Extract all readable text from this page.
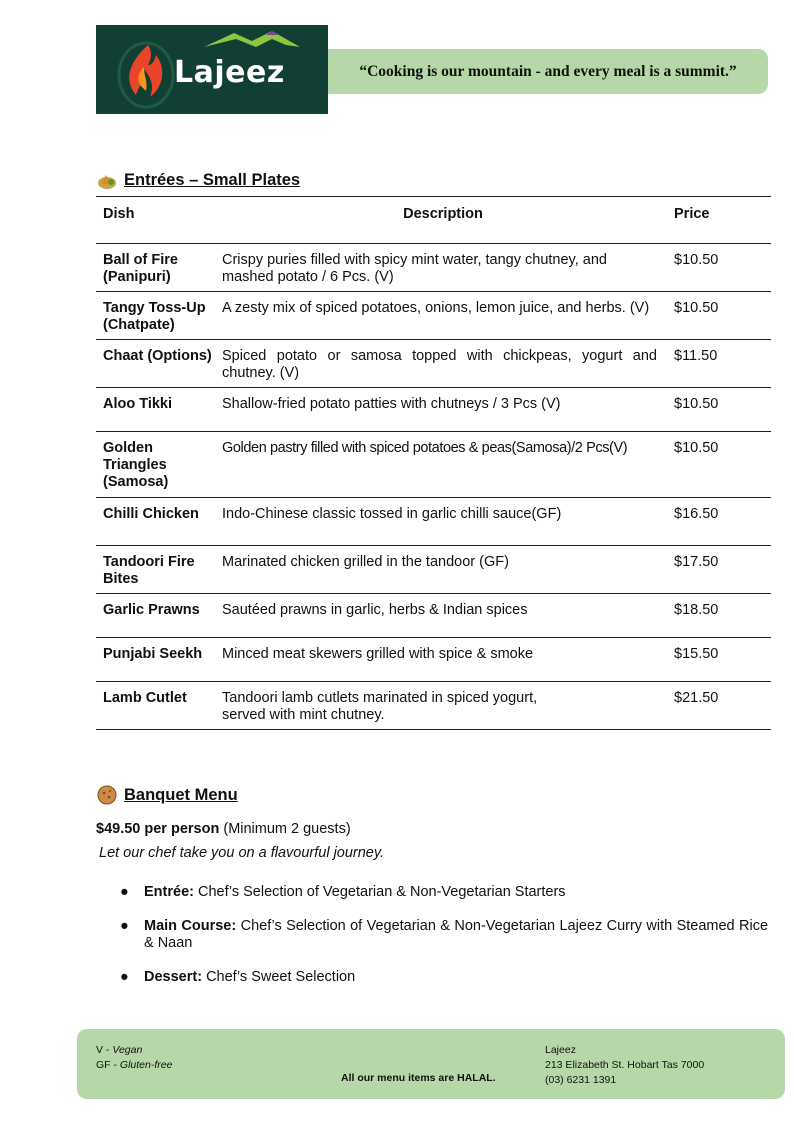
Lajeez	“Cooking is our mountain - and every meal is a summit.”
Entrées – Small Plates
Dish	Description	Price
Ball of Fire (Panipuri)	Crispy puries filled with spicy mint water, tangy chutney, and mashed potato / 6 Pcs. (V)	$10.50
Tangy Toss-Up (Chatpate)	A zesty mix of spiced potatoes, onions, lemon juice, and herbs. (V)	$10.50
Chaat (Options)	Spiced potato or samosa topped with chickpeas, yogurt and chutney. (V)	$11.50
Aloo Tikki	Shallow-fried potato patties with chutneys / 3 Pcs (V)	$10.50
Golden Triangles (Samosa)	Golden pastry filled with spiced potatoes & peas(Samosa)/2 Pcs(V)	$10.50
Chilli Chicken	Indo-Chinese classic tossed in garlic chilli sauce(GF)	$16.50
Tandoori Fire Bites	Marinated chicken grilled in the tandoor (GF)	$17.50
Garlic Prawns	Sautéed prawns in garlic, herbs & Indian spices	$18.50
Punjabi Seekh	Minced meat skewers grilled with spice & smoke	$15.50
Lamb Cutlet	Tandoori lamb cutlets marinated in spiced yogurt, served with mint chutney.	$21.50
Banquet Menu

$49.50 per person (Minimum 2 guests)

Let our chef take you on a flavourful journey.

● Entrée: Chef’s Selection of Vegetarian & Non-Vegetarian Starters
● Main Course: Chef’s Selection of Vegetarian & Non-Vegetarian Lajeez Curry with Steamed Rice & Naan
● Dessert: Chef’s Sweet Selection
V - Vegan
GF - Gluten-free
All our menu items are HALAL.
Lajeez
213 Elizabeth St. Hobart Tas 7000
(03) 6231 1391
